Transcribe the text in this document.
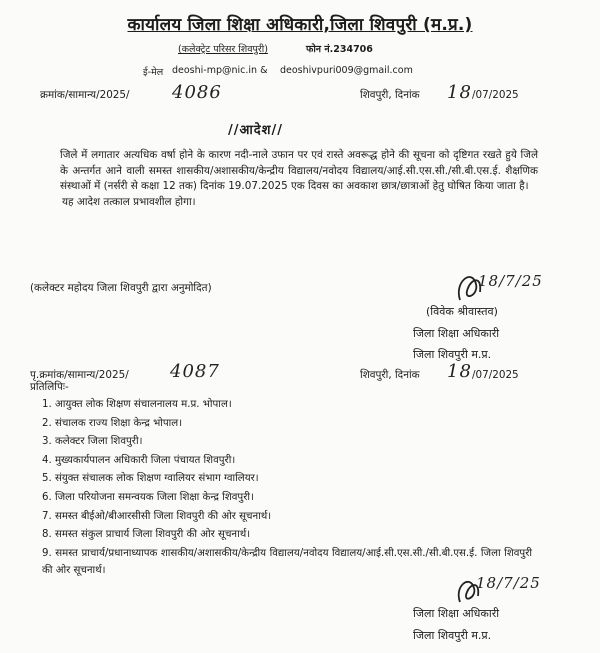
कार्यालय जिला शिक्षा अधिकारी,जिला शिवपुरी (म.प्र.)
(कलेक्ट्रेट परिसर शिवपुरी)	फोन नं.234706
ई-मेल deoshi-mp@nic.in & deoshivpuri009@gmail.com
क्रमांक/सामान्य/2025/ 4086	शिवपुरी, दिनांक 18 /07/2025
//आदेश//
जिले में लगातार अत्यधिक वर्षा होने के कारण नदी-नाले उफान पर एवं रास्ते अवरूद्ध होने की सूचना को दृष्टिगत रखते हुये जिले के अन्तर्गत आने वाली समस्त शासकीय/अशासकीय/केन्द्रीय विद्यालय/नवोदय विद्यालय/आई.सी.एस.सी./सी.बी.एस.ई. शैक्षणिक संस्थाओं में (नर्सरी से कक्षा 12 तक) दिनांक 19.07.2025 एक दिवस का अवकाश छात्र/छात्राओं हेतु घोषित किया जाता है।
यह आदेश तत्काल प्रभावशील होगा।
(कलेक्टर महोदय जिला शिवपुरी द्वारा अनुमोदित)	18/7/25
(विवेक श्रीवास्तव)
जिला शिक्षा अधिकारी
जिला शिवपुरी म.प्र.
पृ.क्रमांक/सामान्य/2025/ 4087	शिवपुरी, दिनांक 18 /07/2025
प्रतिलिपिः-
1. आयुक्त लोक शिक्षण संचालनालय म.प्र. भोपाल।
2. संचालक राज्य शिक्षा केन्द्र भोपाल।
3. कलेक्टर जिला शिवपुरी।
4. मुख्यकार्यपालन अधिकारी जिला पंचायत शिवपुरी।
5. संयुक्त संचालक लोक शिक्षण ग्वालियर संभाग ग्वालियर।
6. जिला परियोजना समन्वयक जिला शिक्षा केन्द्र शिवपुरी।
7. समस्त बीईओ/बीआरसीसी जिला शिवपुरी की ओर सूचनार्थ।
8. समस्त संकुल प्राचार्य जिला शिवपुरी की ओर सूचनार्थ।
9. समस्त प्राचार्य/प्रधानाध्यापक शासकीय/अशासकीय/केन्द्रीय विद्यालय/नवोदय विद्यालय/आई.सी.एस.सी./सी.बी.एस.ई. जिला शिवपुरी की ओर सूचनार्थ।
18/7/25
जिला शिक्षा अधिकारी
जिला शिवपुरी म.प्र.
